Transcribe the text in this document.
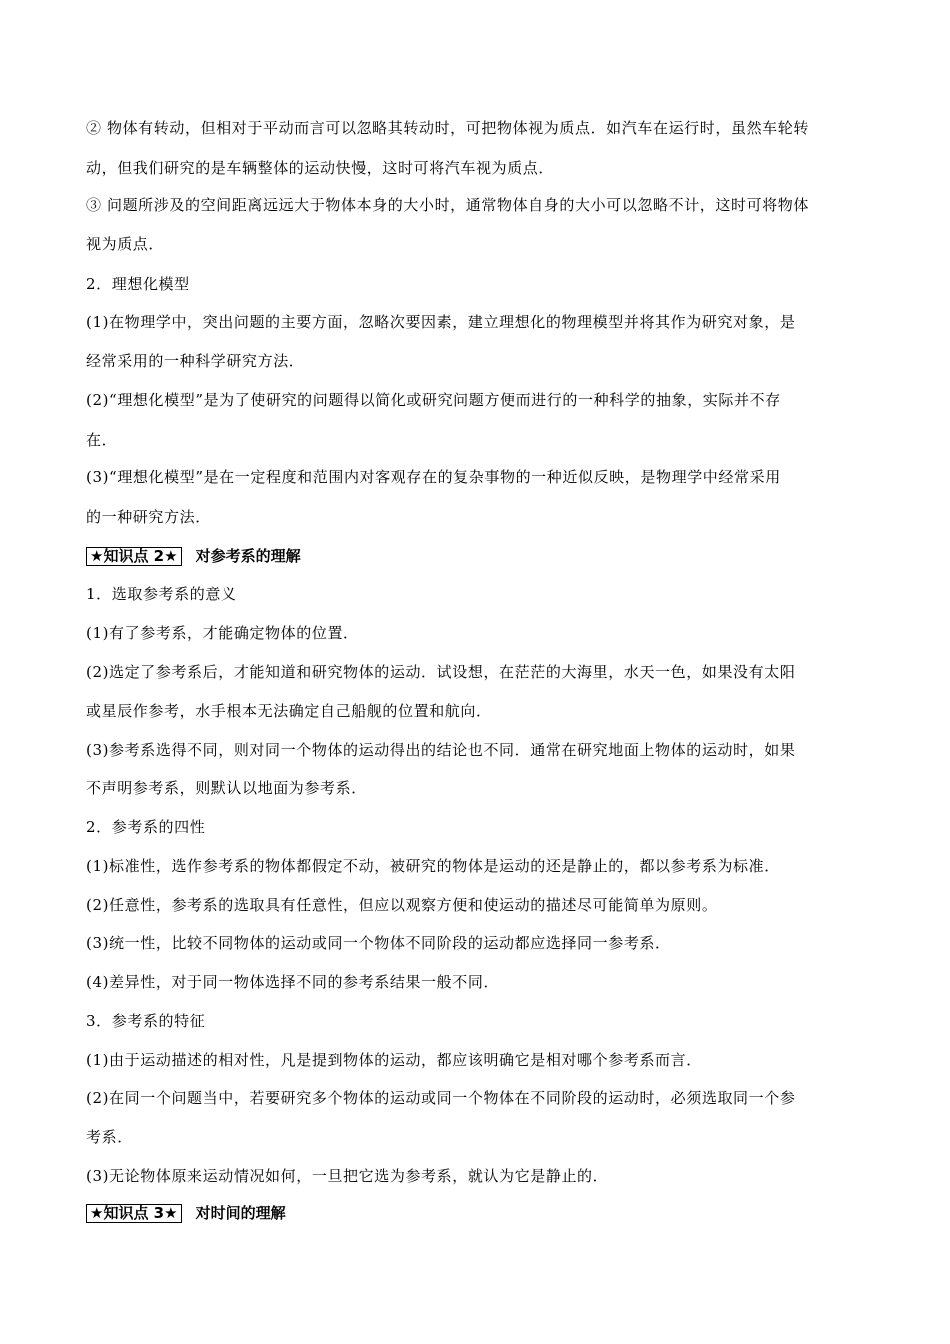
② 物体有转动，但相对于平动而言可以忽略其转动时，可把物体视为质点．如汽车在运行时，虽然车轮转
动，但我们研究的是车辆整体的运动快慢，这时可将汽车视为质点．
③ 问题所涉及的空间距离远远大于物体本身的大小时，通常物体自身的大小可以忽略不计，这时可将物体
视为质点．
2．理想化模型
(1)在物理学中，突出问题的主要方面，忽略次要因素，建立理想化的物理模型并将其作为研究对象，是
经常采用的一种科学研究方法．
(2)“理想化模型”是为了使研究的问题得以简化或研究问题方便而进行的一种科学的抽象，实际并不存
在．
(3)“理想化模型”是在一定程度和范围内对客观存在的复杂事物的一种近似反映，是物理学中经常采用
的一种研究方法．
★知识点 2★ 对参考系的理解
1．选取参考系的意义
(1)有了参考系，才能确定物体的位置．
(2)选定了参考系后，才能知道和研究物体的运动．试设想，在茫茫的大海里，水天一色，如果没有太阳
或星辰作参考，水手根本无法确定自己船舰的位置和航向．
(3)参考系选得不同，则对同一个物体的运动得出的结论也不同．通常在研究地面上物体的运动时，如果
不声明参考系，则默认以地面为参考系．
2．参考系的四性
(1)标准性，选作参考系的物体都假定不动，被研究的物体是运动的还是静止的，都以参考系为标准．
(2)任意性，参考系的选取具有任意性，但应以观察方便和使运动的描述尽可能简单为原则。
(3)统一性，比较不同物体的运动或同一个物体不同阶段的运动都应选择同一参考系．
(4)差异性，对于同一物体选择不同的参考系结果一般不同．
3．参考系的特征
(1)由于运动描述的相对性，凡是提到物体的运动，都应该明确它是相对哪个参考系而言．
(2)在同一个问题当中，若要研究多个物体的运动或同一个物体在不同阶段的运动时，必须选取同一个参
考系．
(3)无论物体原来运动情况如何，一旦把它选为参考系，就认为它是静止的．
★知识点 3★ 对时间的理解
